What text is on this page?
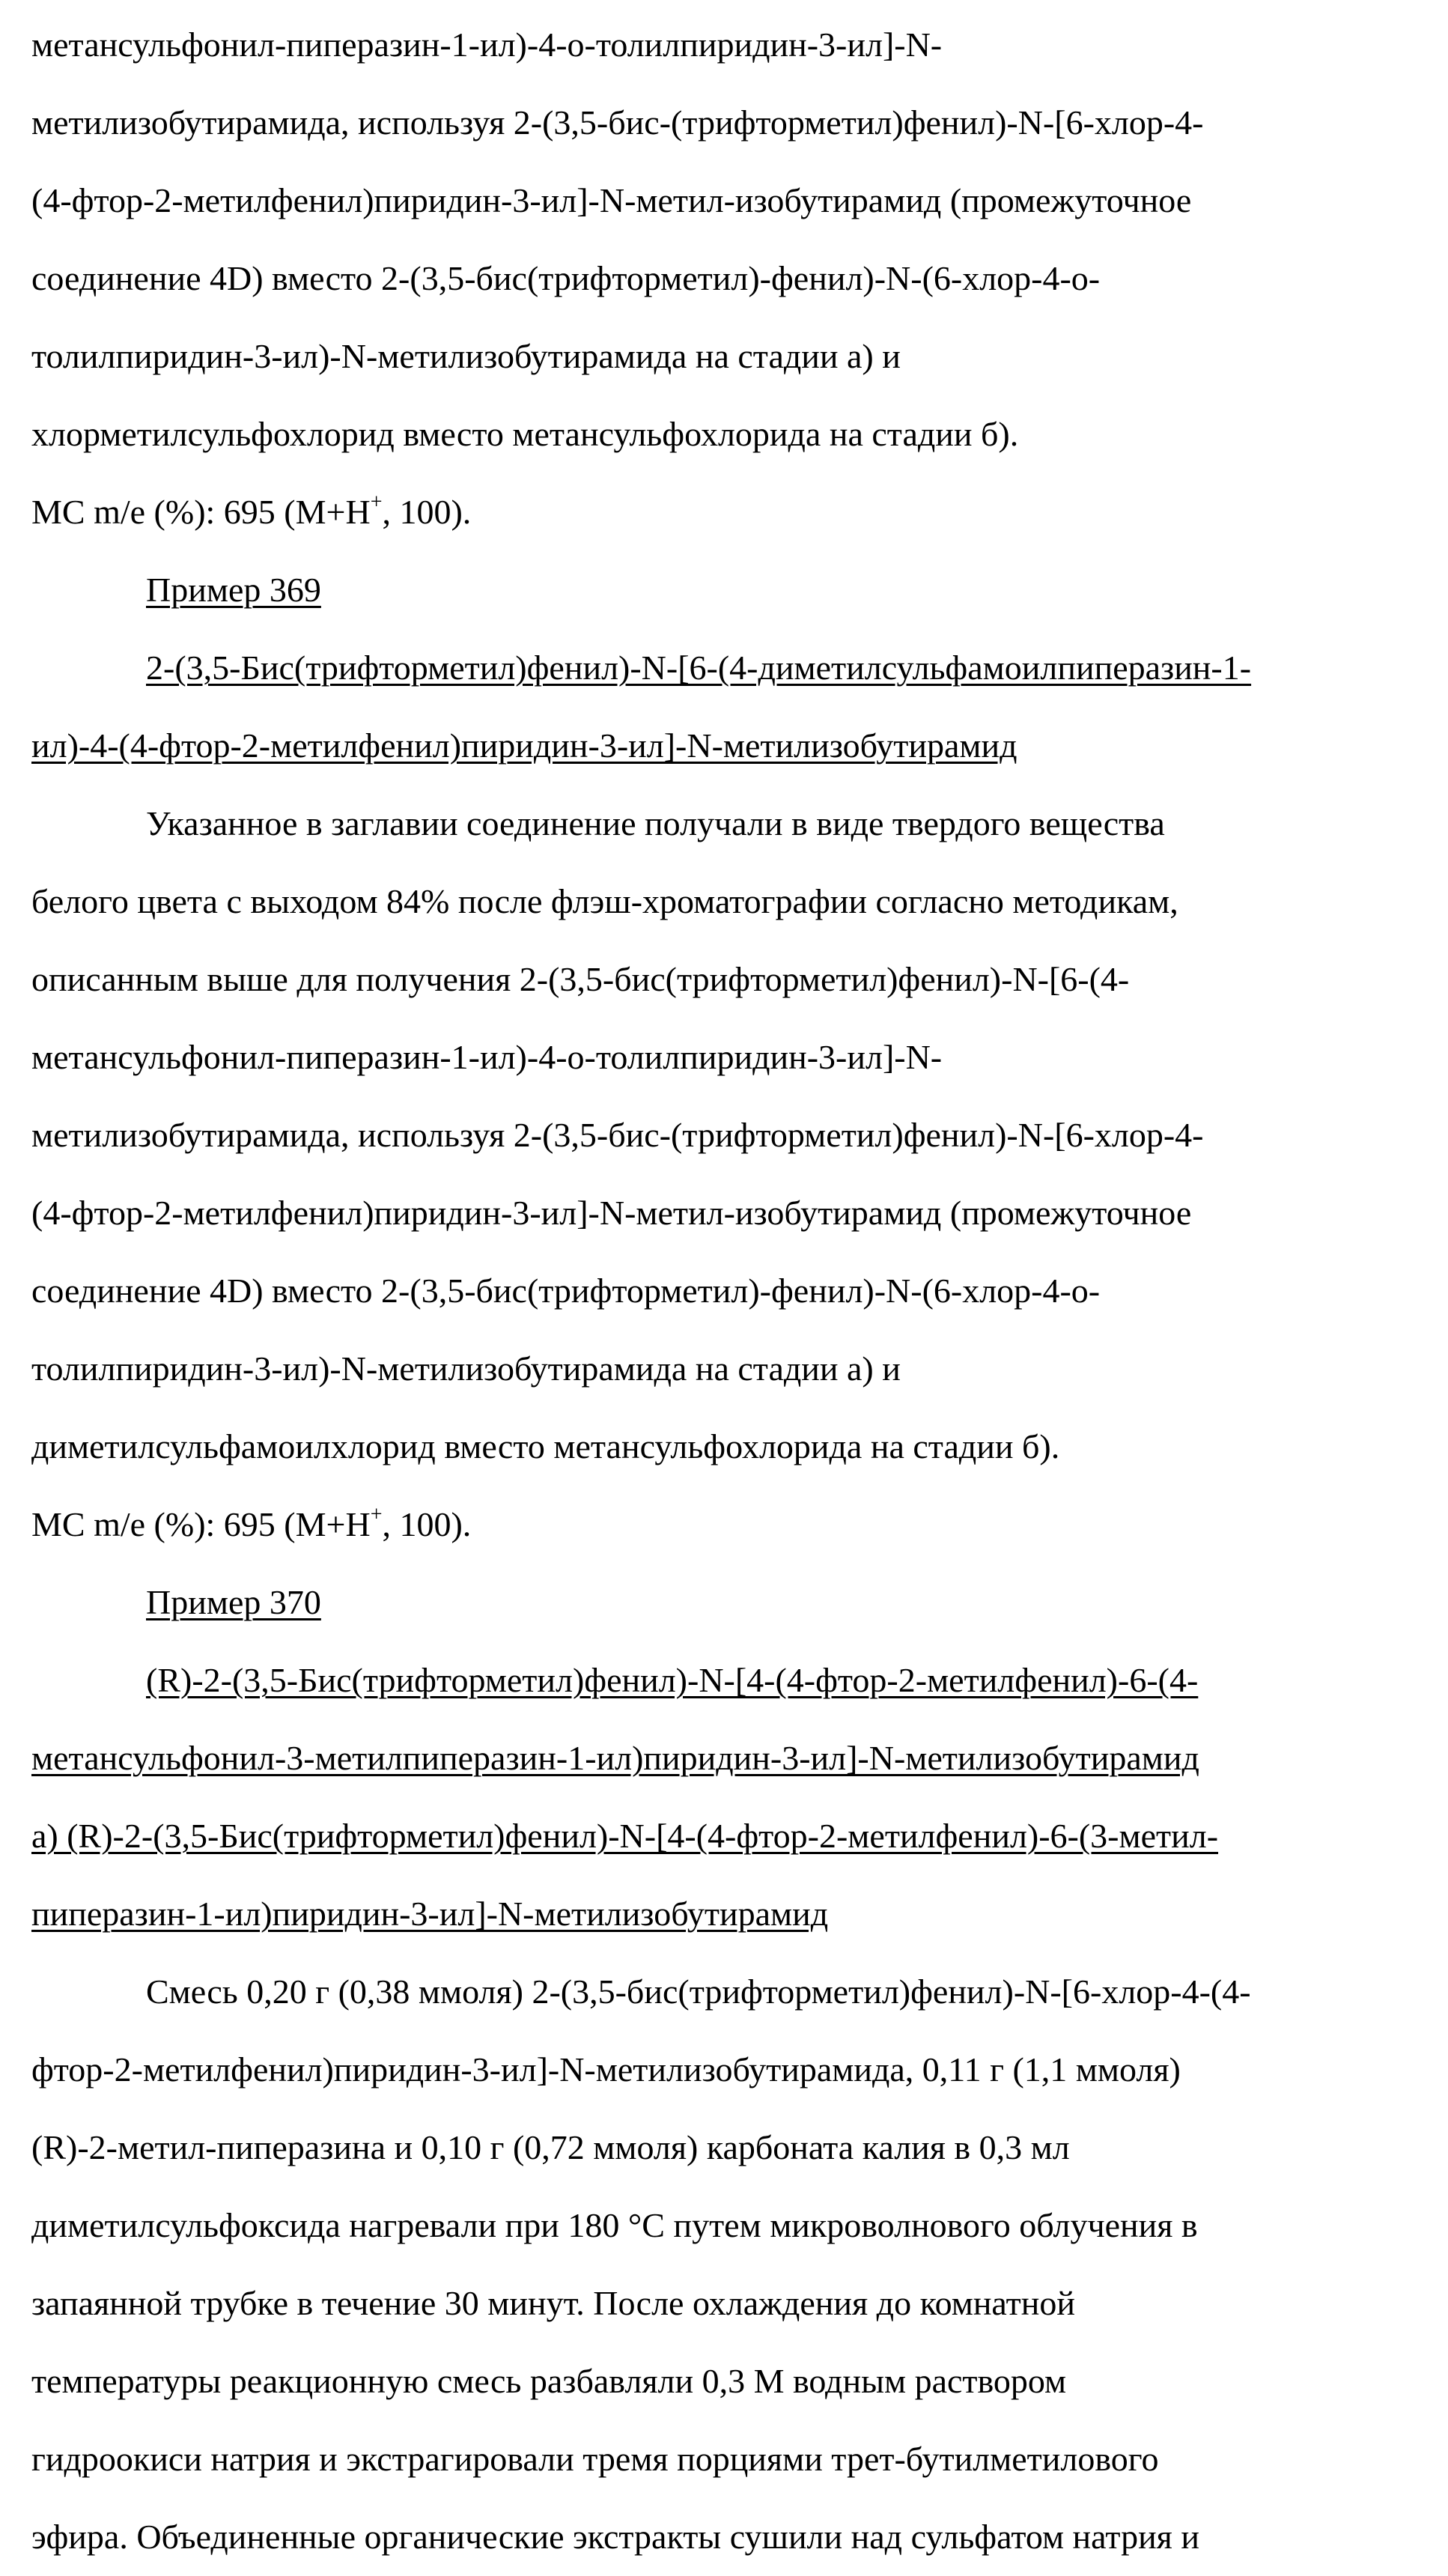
метансульфонил-пиперазин-1-ил)-4-о-толилпиридин-3-ил]-N-
метилизобутирамида, используя 2-(3,5-бис-(трифторметил)фенил)-N-[6-хлор-4-
(4-фтор-2-метилфенил)пиридин-3-ил]-N-метил-изобутирамид (промежуточное
соединение 4D) вместо 2-(3,5-бис(трифторметил)-фенил)-N-(6-хлор-4-о-
толилпиридин-3-ил)-N-метилизобутирамида на стадии а) и
хлорметилсульфохлорид вместо метансульфохлорида на стадии б).
МС m/e (%): 695 (М+Н+, 100).
Пример 369
2-(3,5-Бис(трифторметил)фенил)-N-[6-(4-диметилсульфамоилпиперазин-1-
ил)-4-(4-фтор-2-метилфенил)пиридин-3-ил]-N-метилизобутирамид
Указанное в заглавии соединение получали в виде твердого вещества
белого цвета с выходом 84% после флэш-хроматографии согласно методикам,
описанным выше для получения 2-(3,5-бис(трифторметил)фенил)-N-[6-(4-
метансульфонил-пиперазин-1-ил)-4-о-толилпиридин-3-ил]-N-
метилизобутирамида, используя 2-(3,5-бис-(трифторметил)фенил)-N-[6-хлор-4-
(4-фтор-2-метилфенил)пиридин-3-ил]-N-метил-изобутирамид (промежуточное
соединение 4D) вместо 2-(3,5-бис(трифторметил)-фенил)-N-(6-хлор-4-о-
толилпиридин-3-ил)-N-метилизобутирамида на стадии а) и
диметилсульфамоилхлорид вместо метансульфохлорида на стадии б).
МС m/e (%): 695 (М+Н+, 100).
Пример 370
(R)-2-(3,5-Бис(трифторметил)фенил)-N-[4-(4-фтор-2-метилфенил)-6-(4-
метансульфонил-3-метилпиперазин-1-ил)пиридин-3-ил]-N-метилизобутирамид
а) (R)-2-(3,5-Бис(трифторметил)фенил)-N-[4-(4-фтор-2-метилфенил)-6-(3-метил-
пиперазин-1-ил)пиридин-3-ил]-N-метилизобутирамид
Смесь 0,20 г (0,38 ммоля) 2-(3,5-бис(трифторметил)фенил)-N-[6-хлор-4-(4-
фтор-2-метилфенил)пиридин-3-ил]-N-метилизобутирамида, 0,11 г (1,1 ммоля)
(R)-2-метил-пиперазина и 0,10 г (0,72 ммоля) карбоната калия в 0,3 мл
диметилсульфоксида нагревали при 180 °С путем микроволнового облучения в
запаянной трубке в течение 30 минут. После охлаждения до комнатной
температуры реакционную смесь разбавляли 0,3 М водным раствором
гидроокиси натрия и экстрагировали тремя порциями трет-бутилметилового
эфира. Объединенные органические экстракты сушили над сульфатом натрия и
